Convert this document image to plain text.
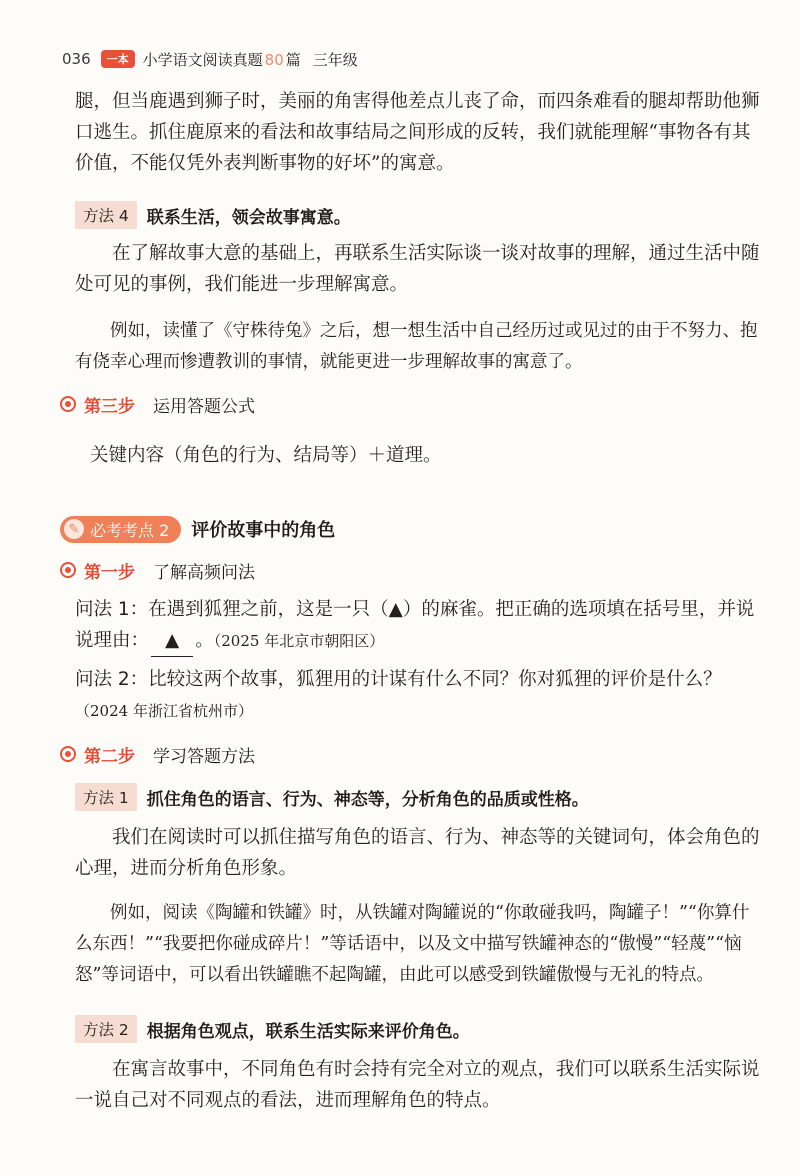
036	一本 小学语文阅读真题 80 篇 三年级
腿，但当鹿遇到狮子时，美丽的角害得他差点儿丧了命，而四条难看的腿却帮助他狮口逃生。抓住鹿原来的看法和故事结局之间形成的反转，我们就能理解“事物各有其价值，不能仅凭外表判断事物的好坏”的寓意。
方法 4	联系生活，领会故事寓意。
在了解故事大意的基础上，再联系生活实际谈一谈对故事的理解，通过生活中随处可见的事例，我们能进一步理解寓意。
例如，读懂了《守株待兔》之后，想一想生活中自己经历过或见过的由于不努力、抱有侥幸心理而惨遭教训的事情，就能更进一步理解故事的寓意了。
第三步 运用答题公式
关键内容（角色的行为、结局等）＋道理。
✎ 必考考点 2 评价故事中的角色
第一步 了解高频问法
问法 1：在遇到狐狸之前，这是一只（▲）的麻雀。把正确的选项填在括号里，并说说理由： ▲ 。（2025 年北京市朝阳区）
问法 2：比较这两个故事，狐狸用的计谋有什么不同？你对狐狸的评价是什么？
（2024 年浙江省杭州市）
第二步 学习答题方法
方法 1	抓住角色的语言、行为、神态等，分析角色的品质或性格。
我们在阅读时可以抓住描写角色的语言、行为、神态等的关键词句，体会角色的心理，进而分析角色形象。
例如，阅读《陶罐和铁罐》时，从铁罐对陶罐说的“你敢碰我吗，陶罐子！”“你算什么东西！”“我要把你碰成碎片！”等话语中，以及文中描写铁罐神态的“傲慢”“轻蔑”“恼怒”等词语中，可以看出铁罐瞧不起陶罐，由此可以感受到铁罐傲慢与无礼的特点。
方法 2	根据角色观点，联系生活实际来评价角色。
在寓言故事中，不同角色有时会持有完全对立的观点，我们可以联系生活实际说一说自己对不同观点的看法，进而理解角色的特点。
